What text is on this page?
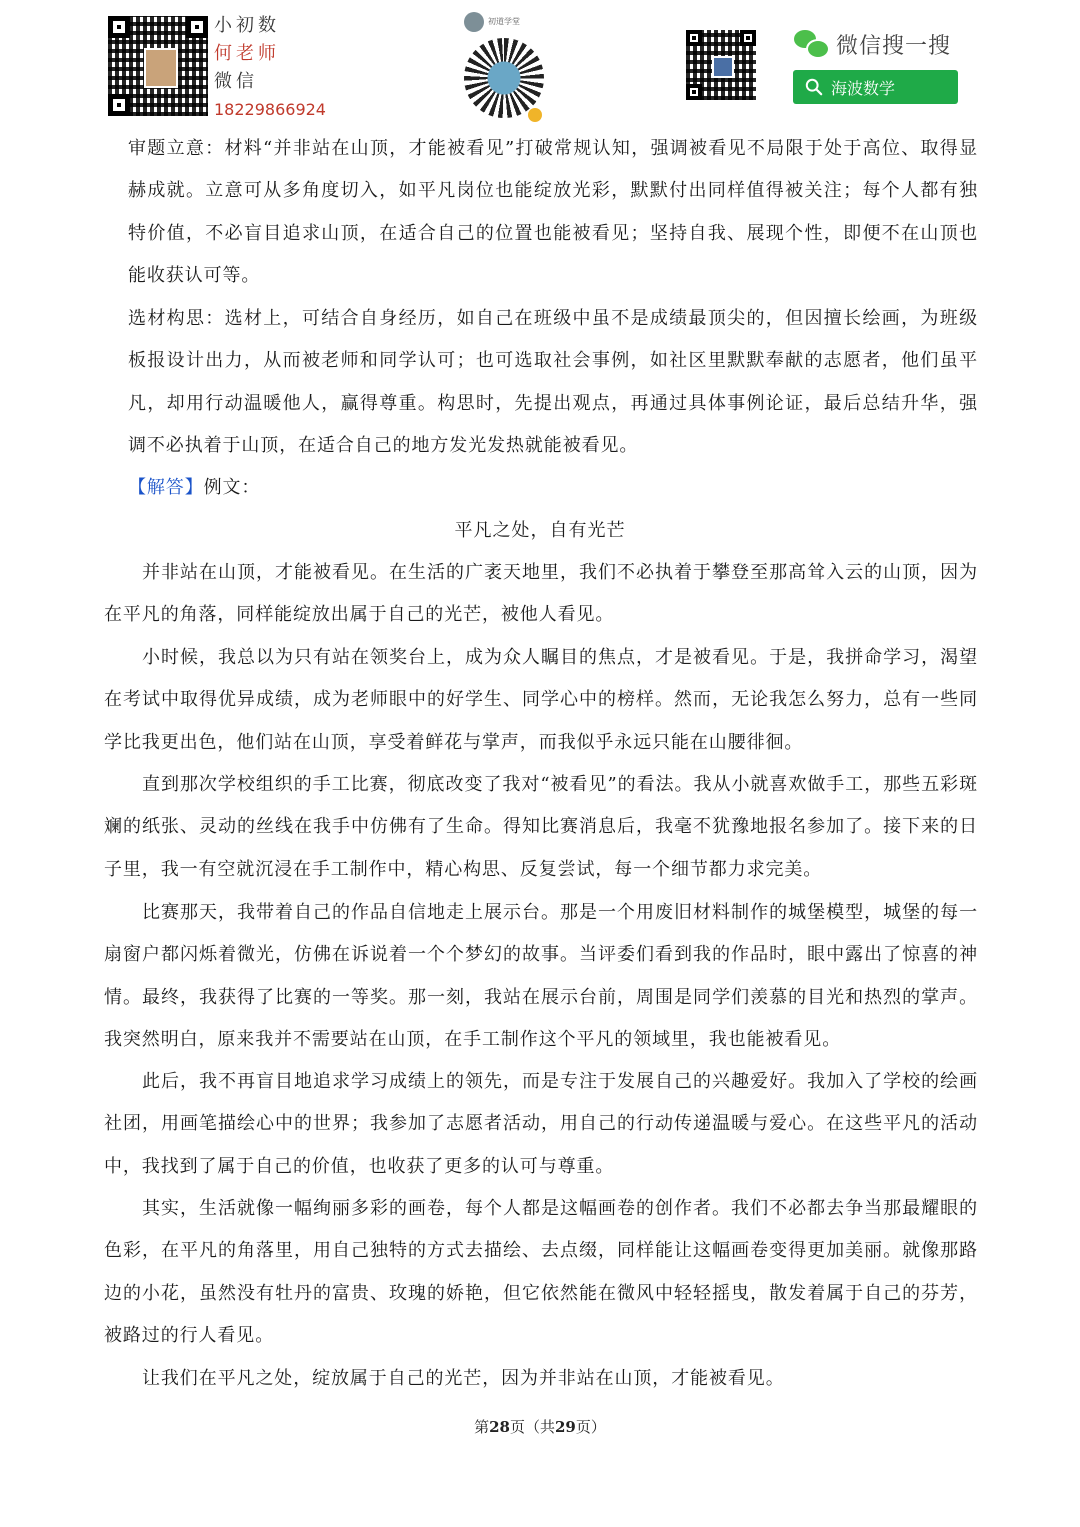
小初数
何老师
微信
18229866924
初道学堂
微信搜一搜
海波数学
审题立意：材料“并非站在山顶，才能被看见”打破常规认知，强调被看见不局限于处于高位、取得显赫成就。立意可从多角度切入，如平凡岗位也能绽放光彩，默默付出同样值得被关注；每个人都有独特价值，不必盲目追求山顶，在适合自己的位置也能被看见；坚持自我、展现个性，即便不在山顶也能收获认可等。
选材构思：选材上，可结合自身经历，如自己在班级中虽不是成绩最顶尖的，但因擅长绘画，为班级板报设计出力，从而被老师和同学认可；也可选取社会事例，如社区里默默奉献的志愿者，他们虽平凡，却用行动温暖他人，赢得尊重。构思时，先提出观点，再通过具体事例论证，最后总结升华，强调不必执着于山顶，在适合自己的地方发光发热就能被看见。
【解答】例文：
平凡之处，自有光芒
并非站在山顶，才能被看见。在生活的广袤天地里，我们不必执着于攀登至那高耸入云的山顶，因为在平凡的角落，同样能绽放出属于自己的光芒，被他人看见。
小时候，我总以为只有站在领奖台上，成为众人瞩目的焦点，才是被看见。于是，我拼命学习，渴望在考试中取得优异成绩，成为老师眼中的好学生、同学心中的榜样。然而，无论我怎么努力，总有一些同学比我更出色，他们站在山顶，享受着鲜花与掌声，而我似乎永远只能在山腰徘徊。
直到那次学校组织的手工比赛，彻底改变了我对“被看见”的看法。我从小就喜欢做手工，那些五彩斑斓的纸张、灵动的丝线在我手中仿佛有了生命。得知比赛消息后，我毫不犹豫地报名参加了。接下来的日子里，我一有空就沉浸在手工制作中，精心构思、反复尝试，每一个细节都力求完美。
比赛那天，我带着自己的作品自信地走上展示台。那是一个用废旧材料制作的城堡模型，城堡的每一扇窗户都闪烁着微光，仿佛在诉说着一个个梦幻的故事。当评委们看到我的作品时，眼中露出了惊喜的神情。最终，我获得了比赛的一等奖。那一刻，我站在展示台前，周围是同学们羡慕的目光和热烈的掌声。我突然明白，原来我并不需要站在山顶，在手工制作这个平凡的领域里，我也能被看见。
此后，我不再盲目地追求学习成绩上的领先，而是专注于发展自己的兴趣爱好。我加入了学校的绘画社团，用画笔描绘心中的世界；我参加了志愿者活动，用自己的行动传递温暖与爱心。在这些平凡的活动中，我找到了属于自己的价值，也收获了更多的认可与尊重。
其实，生活就像一幅绚丽多彩的画卷，每个人都是这幅画卷的创作者。我们不必都去争当那最耀眼的色彩，在平凡的角落里，用自己独特的方式去描绘、去点缀，同样能让这幅画卷变得更加美丽。就像那路边的小花，虽然没有牡丹的富贵、玫瑰的娇艳，但它依然能在微风中轻轻摇曳，散发着属于自己的芬芳，被路过的行人看见。
让我们在平凡之处，绽放属于自己的光芒，因为并非站在山顶，才能被看见。
第28页（共29页）
